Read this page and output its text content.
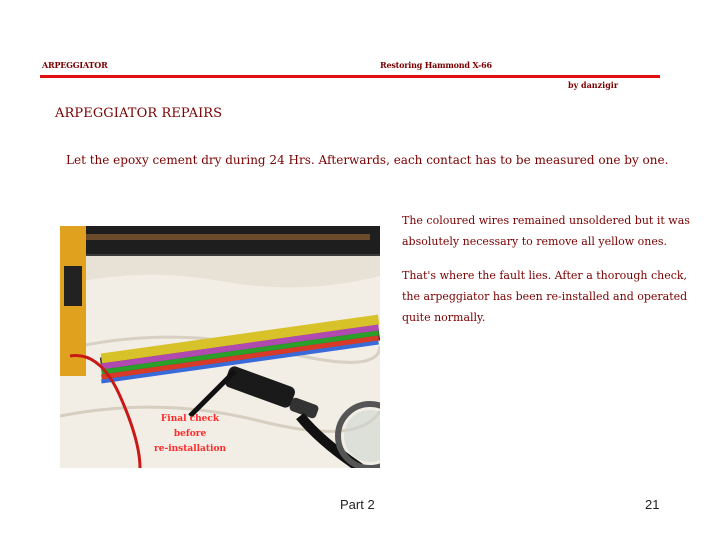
ARPEGGIATOR	Restoring Hammond X-66
by danzigir
ARPEGGIATOR REPAIRS
Let the epoxy cement dry during 24 Hrs. Afterwards, each contact has to be measured one by one.
Final check before
re-installation
The coloured wires remained unsoldered but it was absolutely necessary to remove all yellow ones.
That's where the fault lies. After a thorough check, the arpeggiator has been re-installed and operated quite normally.
Part 2	21
